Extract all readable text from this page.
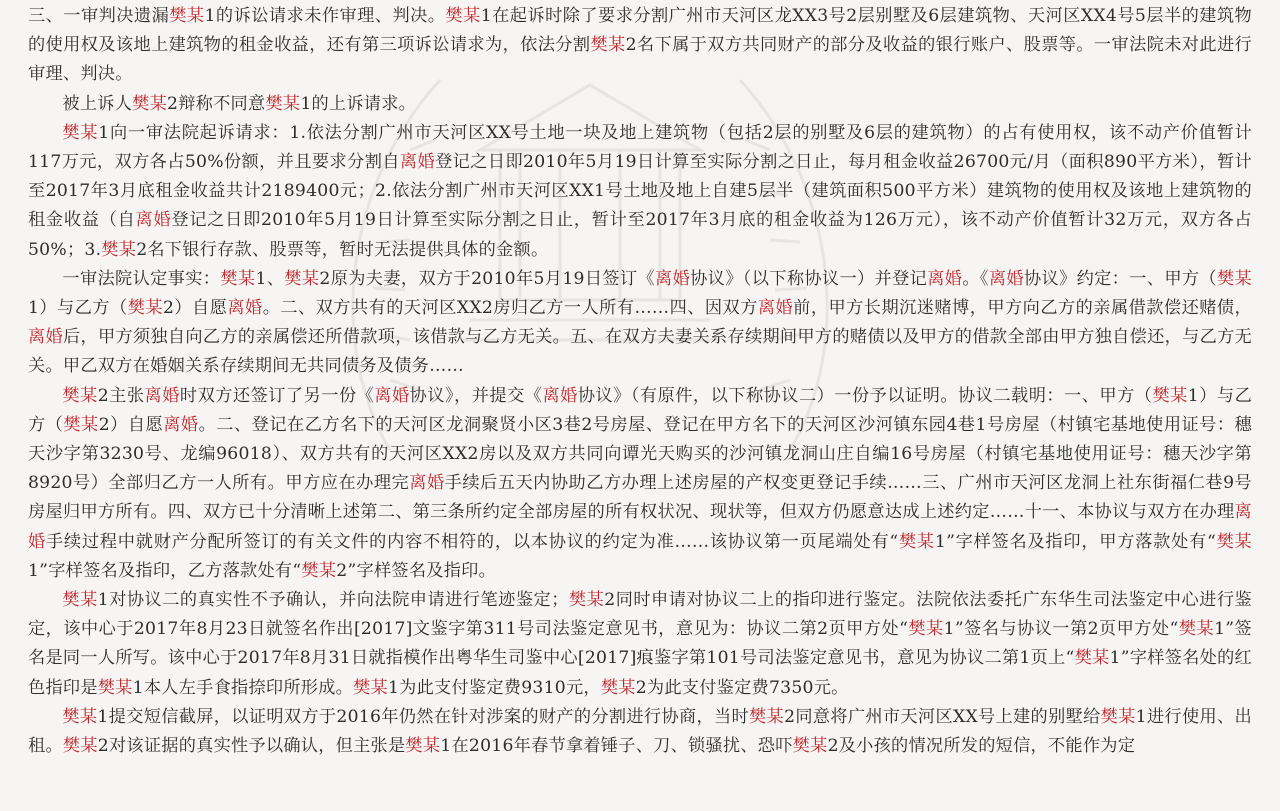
三、一审判决遗漏樊某1的诉讼请求未作审理、判决。樊某1在起诉时除了要求分割广州市天河区龙XX3号2层别墅及6层建筑物、天河区XX4号5层半的建筑物的使用权及该地上建筑物的租金收益，还有第三项诉讼请求为，依法分割樊某2名下属于双方共同财产的部分及收益的银行账户、股票等。一审法院未对此进行审理、判决。

被上诉人樊某2辩称不同意樊某1的上诉请求。

樊某1向一审法院起诉请求：1.依法分割广州市天河区XX号土地一块及地上建筑物（包括2层的别墅及6层的建筑物）的占有使用权，该不动产价值暂计117万元，双方各占50%份额，并且要求分割自离婚登记之日即2010年5月19日计算至实际分割之日止，每月租金收益26700元/月（面积890平方米），暂计至2017年3月底租金收益共计2189400元；2.依法分割广州市天河区XX1号土地及地上自建5层半（建筑面积500平方米）建筑物的使用权及该地上建筑物的租金收益（自离婚登记之日即2010年5月19日计算至实际分割之日止，暂计至2017年3月底的租金收益为126万元），该不动产价值暂计32万元，双方各占50%；3.樊某2名下银行存款、股票等，暂时无法提供具体的金额。

一审法院认定事实：樊某1、樊某2原为夫妻，双方于2010年5月19日签订《离婚协议》（以下称协议一）并登记离婚。《离婚协议》约定：一、甲方（樊某1）与乙方（樊某2）自愿离婚。二、双方共有的天河区XX2房归乙方一人所有……四、因双方离婚前，甲方长期沉迷赌博，甲方向乙方的亲属借款偿还赌债，离婚后，甲方须独自向乙方的亲属偿还所借款项，该借款与乙方无关。五、在双方夫妻关系存续期间甲方的赌债以及甲方的借款全部由甲方独自偿还，与乙方无关。甲乙双方在婚姻关系存续期间无共同债务及债务……

樊某2主张离婚时双方还签订了另一份《离婚协议》，并提交《离婚协议》（有原件，以下称协议二）一份予以证明。协议二载明：一、甲方（樊某1）与乙方（樊某2）自愿离婚。二、登记在乙方名下的天河区龙洞聚贤小区3巷2号房屋、登记在甲方名下的天河区沙河镇东园4巷1号房屋（村镇宅基地使用证号：穗天沙字第3230号、龙编96018）、双方共有的天河区XX2房以及双方共同向谭光天购买的沙河镇龙洞山庄自编16号房屋（村镇宅基地使用证号：穗天沙字第8920号）全部归乙方一人所有。甲方应在办理完离婚手续后五天内协助乙方办理上述房屋的产权变更登记手续……三、广州市天河区龙洞上社东街福仁巷9号房屋归甲方所有。四、双方已十分清晰上述第二、第三条所约定全部房屋的所有权状况、现状等，但双方仍愿意达成上述约定……十一、本协议与双方在办理离婚手续过程中就财产分配所签订的有关文件的内容不相符的，以本协议的约定为准……该协议第一页尾端处有“樊某1”字样签名及指印，甲方落款处有“樊某1”字样签名及指印，乙方落款处有“樊某2”字样签名及指印。

樊某1对协议二的真实性不予确认，并向法院申请进行笔迹鉴定；樊某2同时申请对协议二上的指印进行鉴定。法院依法委托广东华生司法鉴定中心进行鉴定，该中心于2017年8月23日就签名作出[2017]文鉴字第311号司法鉴定意见书，意见为：协议二第2页甲方处“樊某1”签名与协议一第2页甲方处“樊某1”签名是同一人所写。该中心于2017年8月31日就指模作出粤华生司鉴中心[2017]痕鉴字第101号司法鉴定意见书，意见为协议二第1页上“樊某1”字样签名处的红色指印是樊某1本人左手食指捺印所形成。樊某1为此支付鉴定费9310元，樊某2为此支付鉴定费7350元。

樊某1提交短信截屏，以证明双方于2016年仍然在针对涉案的财产的分割进行协商，当时樊某2同意将广州市天河区XX号上建的别墅给樊某1进行使用、出租。樊某2对该证据的真实性予以确认，但主张是樊某1在2016年春节拿着锤子、刀、锁骚扰、恐吓樊某2及小孩的情况所发的短信，不能作为定
